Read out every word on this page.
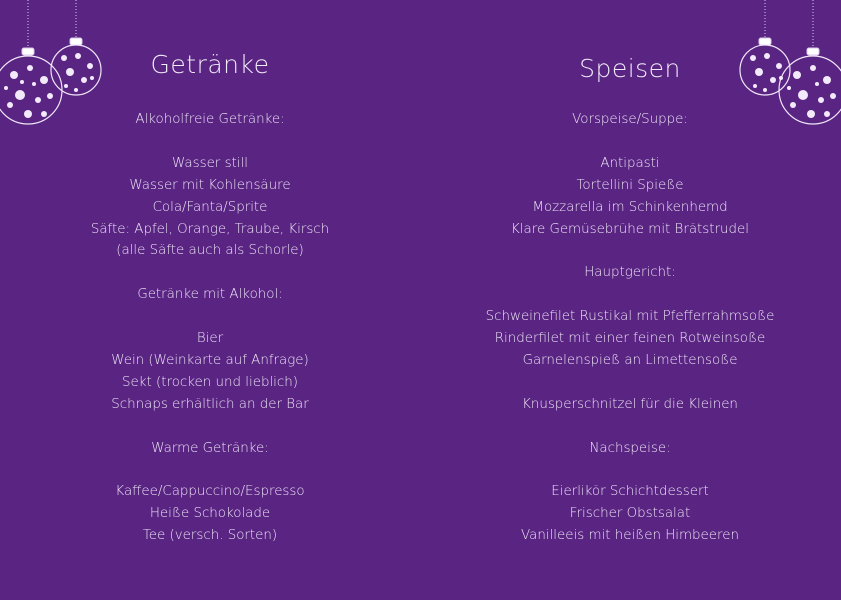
Getränke
Alkoholfreie Getränke:
Wasser still
Wasser mit Kohlensäure
Cola/Fanta/Sprite
Säfte: Apfel, Orange, Traube, Kirsch
(alle Säfte auch als Schorle)
Getränke mit Alkohol:
Bier
Wein (Weinkarte auf Anfrage)
Sekt (trocken und lieblich)
Schnaps erhältlich an der Bar
Warme Getränke:
Kaffee/Cappuccino/Espresso
Heiße Schokolade
Tee (versch. Sorten)
Speisen
Vorspeise/Suppe:
Antipasti
Tortellini Spieße
Mozzarella im Schinkenhemd
Klare Gemüsebrühe mit Brätstrudel
Hauptgericht:
Schweinefilet Rustikal mit Pfefferrahmsoße
Rinderfilet mit einer feinen Rotweinsoße
Garnelenspieß an Limettensoße
Knusperschnitzel für die Kleinen
Nachspeise:
Eierlikör Schichtdessert
Frischer Obstsalat
Vanilleeis mit heißen Himbeeren
